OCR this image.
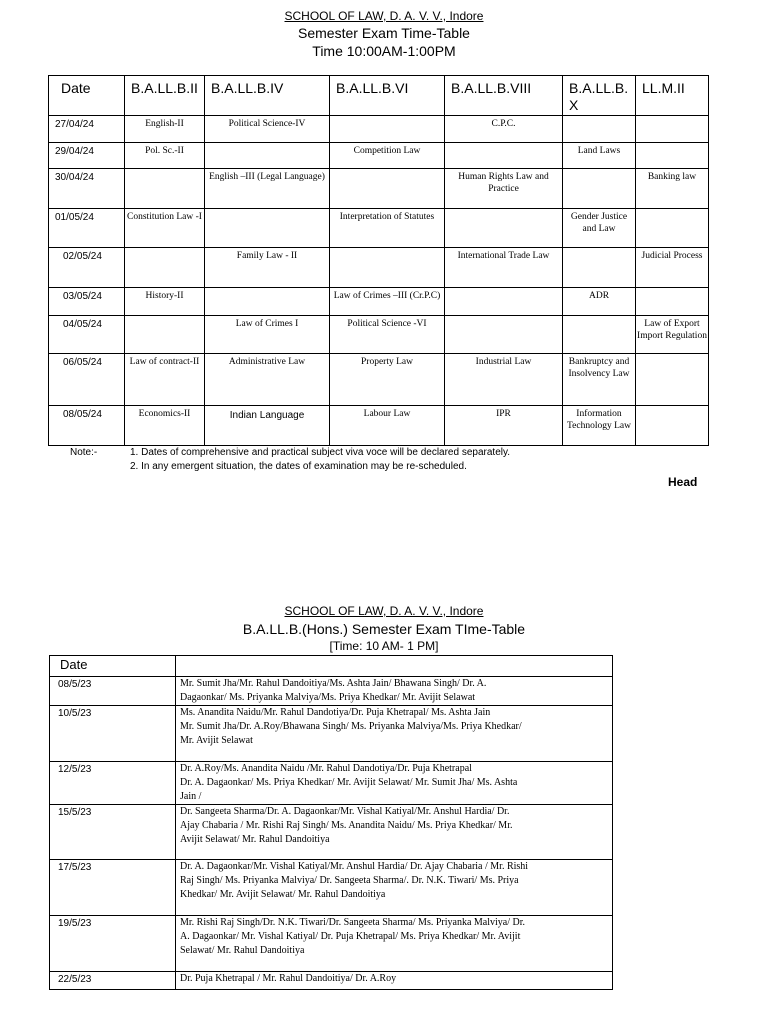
SCHOOL OF LAW, D. A. V. V., Indore
Semester Exam Time-Table
Time 10:00AM-1:00PM
Date	B.A.LL.B.II	B.A.LL.B.IV	B.A.LL.B.VI	B.A.LL.B.VIII	B.A.LL.B. X	LL.M.II
27/04/24	English-II	Political Science-IV		C.P.C.		
29/04/24	Pol. Sc.-II		Competition Law		Land Laws	
30/04/24		English –III (Legal Language)		Human Rights Law and Practice		Banking law
01/05/24	Constitution Law -I		Interpretation of Statutes		Gender Justice and Law	
02/05/24		Family Law - II		International Trade Law		Judicial Process
03/05/24	History-II		Law of Crimes –III (Cr.P.C)		ADR	
04/05/24		Law of Crimes I	Political Science -VI			Law of Export Import Regulation
06/05/24	Law of contract-II	Administrative Law	Property Law	Industrial Law	Bankruptcy and Insolvency Law	
08/05/24	Economics-II	Indian Language	Labour Law	IPR	Information Technology Law	
Note:-	1. Dates of comprehensive and practical subject viva voce will be declared separately.
2. In any emergent situation, the dates of examination may be re-scheduled.
Head
SCHOOL OF LAW, D. A. V. V., Indore
B.A.LL.B.(Hons.) Semester Exam TIme-Table
[Time: 10 AM- 1 PM]
Date	
08/5/23	Mr. Sumit Jha/Mr. Rahul Dandoitiya/Ms. Ashta Jain/ Bhawana Singh/ Dr. A.
Dagaonkar/ Ms. Priyanka Malviya/Ms. Priya Khedkar/ Mr. Avijit Selawat

10/5/23	Ms. Anandita Naidu/Mr. Rahul Dandotiya/Dr. Puja Khetrapal/ Ms. Ashta Jain
Mr. Sumit Jha/Dr. A.Roy/Bhawana Singh/ Ms. Priyanka Malviya/Ms. Priya Khedkar/
Mr. Avijit Selawat

12/5/23	Dr. A.Roy/Ms. Anandita Naidu /Mr. Rahul Dandotiya/Dr. Puja Khetrapal
Dr. A. Dagaonkar/ Ms. Priya Khedkar/ Mr. Avijit Selawat/ Mr. Sumit Jha/ Ms. Ashta
Jain /

15/5/23	Dr. Sangeeta Sharma/Dr. A. Dagaonkar/Mr. Vishal Katiyal/Mr. Anshul Hardia/ Dr.
Ajay Chabaria / Mr. Rishi Raj Singh/ Ms. Anandita Naidu/ Ms. Priya Khedkar/ Mr.
Avijit Selawat/ Mr. Rahul Dandoitiya

17/5/23	Dr. A. Dagaonkar/Mr. Vishal Katiyal/Mr. Anshul Hardia/ Dr. Ajay Chabaria / Mr. Rishi
Raj Singh/ Ms. Priyanka Malviya/ Dr. Sangeeta Sharma/. Dr. N.K. Tiwari/ Ms. Priya
Khedkar/ Mr. Avijit Selawat/ Mr. Rahul Dandoitiya

19/5/23	Mr. Rishi Raj Singh/Dr. N.K. Tiwari/Dr. Sangeeta Sharma/ Ms. Priyanka Malviya/ Dr.
A. Dagaonkar/ Mr. Vishal Katiyal/ Dr. Puja Khetrapal/ Ms. Priya Khedkar/ Mr. Avijit
Selawat/ Mr. Rahul Dandoitiya

22/5/23	Dr. Puja Khetrapal / Mr. Rahul Dandoitiya/ Dr. A.Roy
